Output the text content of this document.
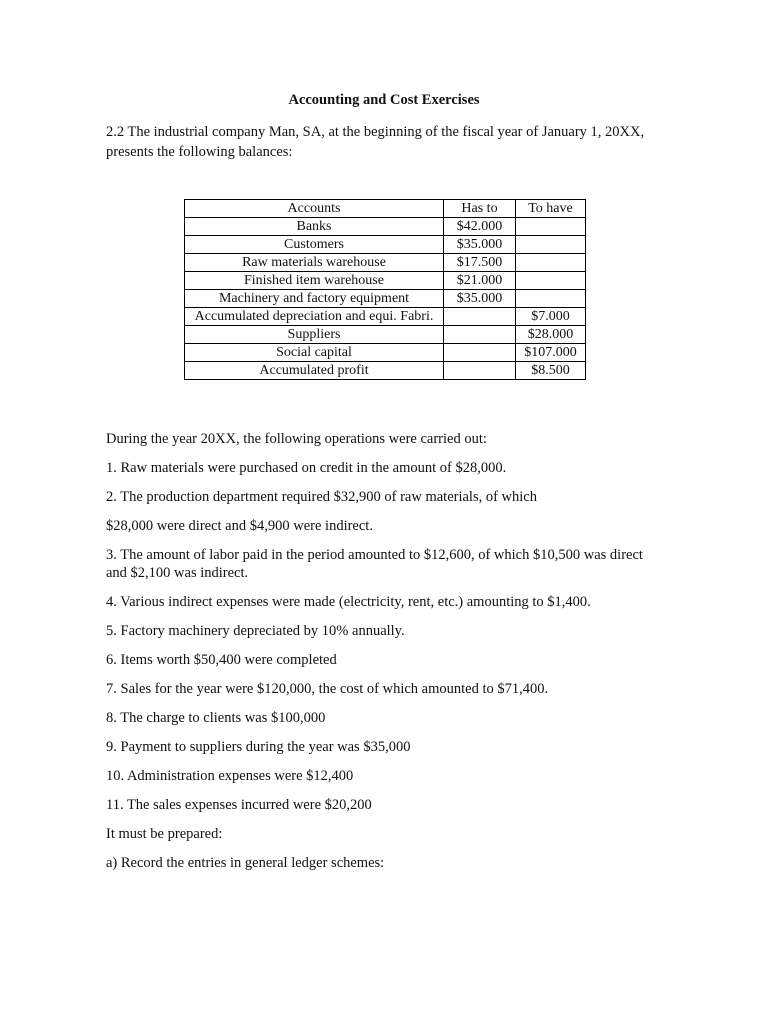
Accounting and Cost Exercises

2.2 The industrial company Man, SA, at the beginning of the fiscal year of January 1, 20XX, presents the following balances:

Accounts	Has to	To have
Banks	$42.000	
Customers	$35.000	
Raw materials warehouse	$17.500	
Finished item warehouse	$21.000	
Machinery and factory equipment	$35.000	
Accumulated depreciation and equi. Fabri.		$7.000
Suppliers		$28.000
Social capital		$107.000
Accumulated profit		$8.500

During the year 20XX, the following operations were carried out:

1. Raw materials were purchased on credit in the amount of $28,000.

2. The production department required $32,900 of raw materials, of which

$28,000 were direct and $4,900 were indirect.

3. The amount of labor paid in the period amounted to $12,600, of which $10,500 was direct and $2,100 was indirect.

4. Various indirect expenses were made (electricity, rent, etc.) amounting to $1,400.

5. Factory machinery depreciated by 10% annually.

6. Items worth $50,400 were completed

7. Sales for the year were $120,000, the cost of which amounted to $71,400.

8. The charge to clients was $100,000

9. Payment to suppliers during the year was $35,000

10. Administration expenses were $12,400

11. The sales expenses incurred were $20,200

It must be prepared:

a) Record the entries in general ledger schemes:
